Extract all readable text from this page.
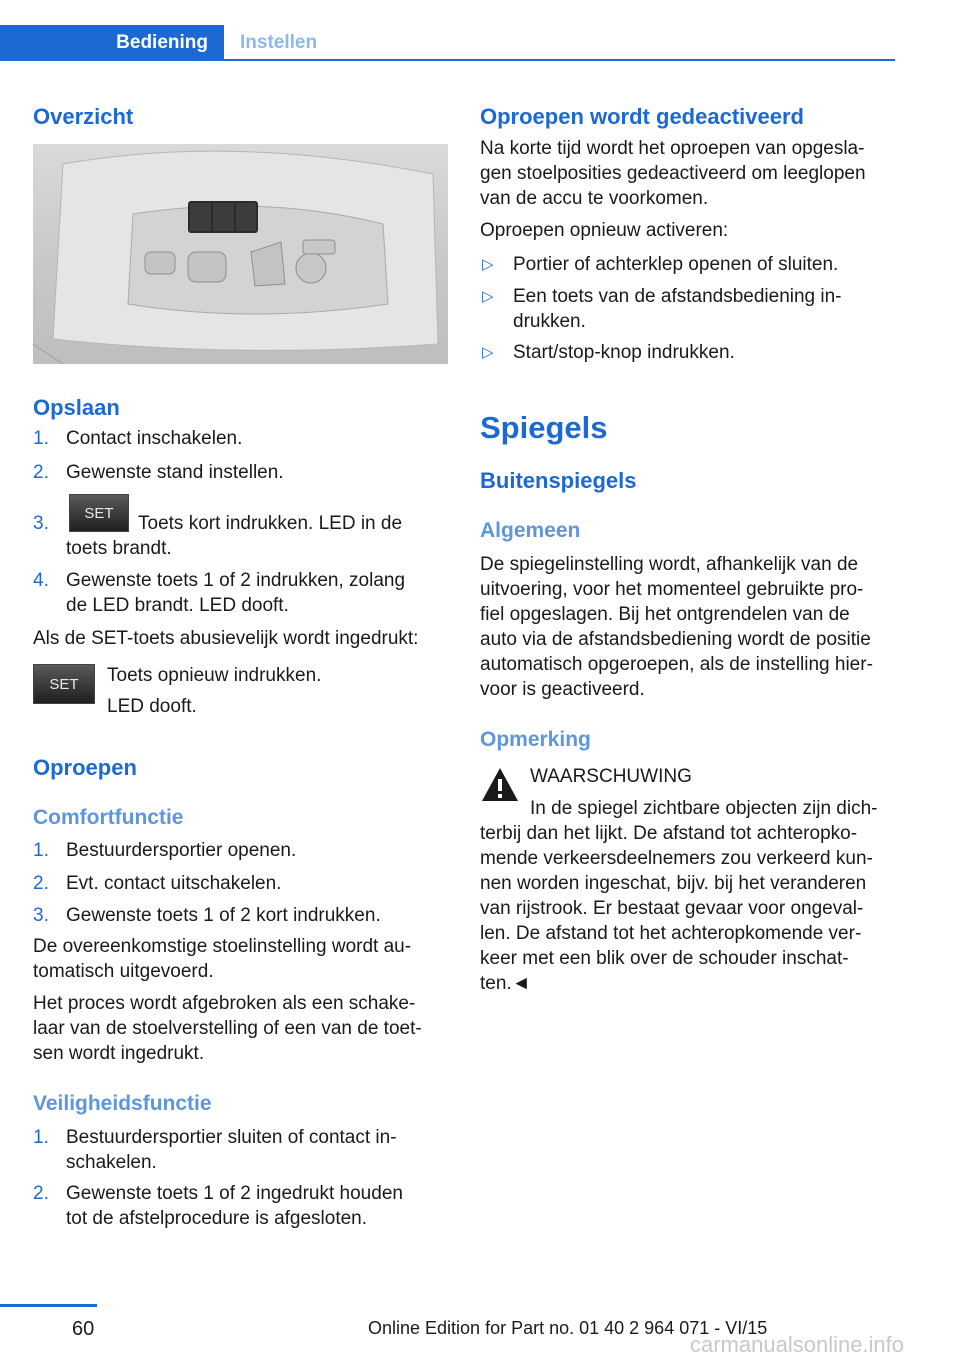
Bediening	Instellen
Overzicht
Opslaan
1. Contact inschakelen.
2. Gewenste stand instellen.
3.	SET	Toets kort indrukken. LED in de
toets brandt.
4. Gewenste toets 1 of 2 indrukken, zolang
de LED brandt. LED dooft.
Als de SET-toets abusievelijk wordt ingedrukt:
SET	Toets opnieuw indrukken.
LED dooft.
Oproepen
Comfortfunctie
1. Bestuurdersportier openen.
2. Evt. contact uitschakelen.
3. Gewenste toets 1 of 2 kort indrukken.
De overeenkomstige stoelinstelling wordt au-
tomatisch uitgevoerd.
Het proces wordt afgebroken als een schake-
laar van de stoelverstelling of een van de toet-
sen wordt ingedrukt.
Veiligheidsfunctie
1. Bestuurdersportier sluiten of contact in-
schakelen.
2. Gewenste toets 1 of 2 ingedrukt houden
tot de afstelprocedure is afgesloten.
Oproepen wordt gedeactiveerd
Na korte tijd wordt het oproepen van opgesla-
gen stoelposities gedeactiveerd om leeglopen
van de accu te voorkomen.
Oproepen opnieuw activeren:
▷ Portier of achterklep openen of sluiten.
▷ Een toets van de afstandsbediening in-
drukken.
▷ Start/stop-knop indrukken.
Spiegels
Buitenspiegels
Algemeen
De spiegelinstelling wordt, afhankelijk van de
uitvoering, voor het momenteel gebruikte pro-
fiel opgeslagen. Bij het ontgrendelen van de
auto via de afstandsbediening wordt de positie
automatisch opgeroepen, als de instelling hier-
voor is geactiveerd.
Opmerking
WAARSCHUWING
In de spiegel zichtbare objecten zijn dich-
terbij dan het lijkt. De afstand tot achteropko-
mende verkeersdeelnemers zou verkeerd kun-
nen worden ingeschat, bijv. bij het veranderen
van rijstrook. Er bestaat gevaar voor ongeval-
len. De afstand tot het achteropkomende ver-
keer met een blik over de schouder inschat-
ten.◄
60	Online Edition for Part no. 01 40 2 964 071 - VI/15
carmanualsonline.info
